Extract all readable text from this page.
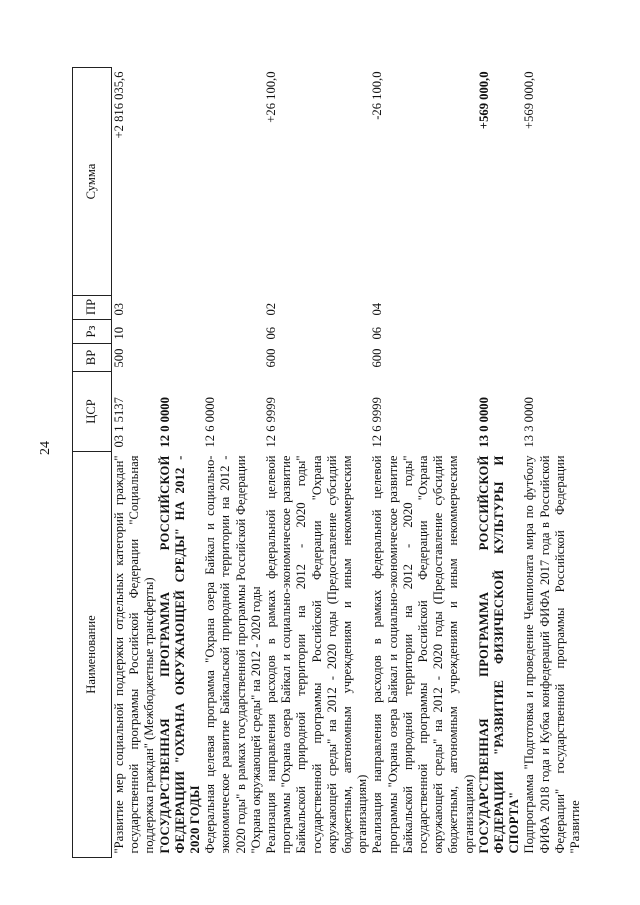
24
Наименование	ЦСР	ВР	Рз	ПР	Сумма
"Развитие мер социальной поддержки отдельных категорий граждан" государственной программы Российской Федерации "Социальная поддержка граждан" (Межбюджетные трансферты)	03 1 5137	500	10	03	+2 816 035,6
ГОСУДАРСТВЕННАЯ ПРОГРАММА РОССИЙСКОЙ ФЕДЕРАЦИИ "ОХРАНА ОКРУЖАЮЩЕЙ СРЕДЫ" НА 2012 - 2020 ГОДЫ	12 0 0000				
Федеральная целевая программа "Охрана озера Байкал и социально-экономическое развитие Байкальской природной территории на 2012 - 2020 годы" в рамках государственной программы Российской Федерации "Охрана окружающей среды" на 2012 - 2020 годы	12 6 0000				
Реализация направления расходов в рамках федеральной целевой программы "Охрана озера Байкал и социально-экономическое развитие Байкальской природной территории на 2012 - 2020 годы" государственной программы Российской Федерации "Охрана окружающей среды" на 2012 - 2020 годы (Предоставление субсидий бюджетным, автономным учреждениям и иным некоммерческим организациям)	12 6 9999	600	06	02	+26 100,0
Реализация направления расходов в рамках федеральной целевой программы "Охрана озера Байкал и социально-экономическое развитие Байкальской природной территории на 2012 - 2020 годы" государственной программы Российской Федерации "Охрана окружающей среды" на 2012 - 2020 годы (Предоставление субсидий бюджетным, автономным учреждениям и иным некоммерческим организациям)	12 6 9999	600	06	04	-26 100,0
ГОСУДАРСТВЕННАЯ ПРОГРАММА РОССИЙСКОЙ ФЕДЕРАЦИИ "РАЗВИТИЕ ФИЗИЧЕСКОЙ КУЛЬТУРЫ И СПОРТА"	13 0 0000				+569 000,0
Подпрограмма "Подготовка и проведение Чемпионата мира по футболу ФИФА 2018 года и Кубка конфедераций ФИФА 2017 года в Российской Федерации" государственной программы Российской Федерации "Развитие	13 3 0000				+569 000,0
